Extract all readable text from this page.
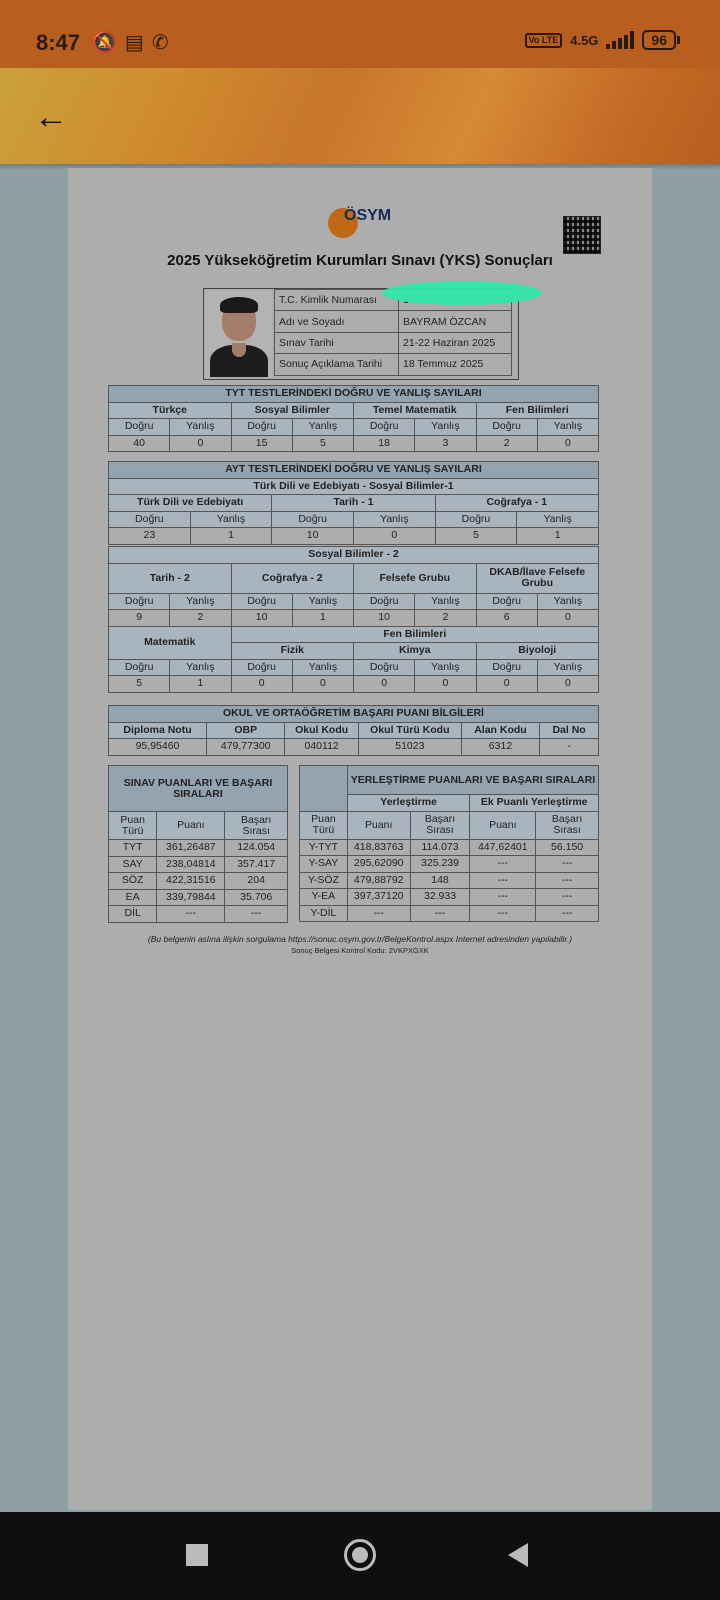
8:47 🔕 ▤ ✆	Vo LTE 4.5G	96
←
ÖSYM
2025 Yükseköğretim Kurumları Sınavı (YKS) Sonuçları
T.C. Kimlik Numarası	
Adı ve Soyadı	BAYRAM ÖZCAN
Sınav Tarihi	21-22 Haziran 2025
Sonuç Açıklama Tarihi	18 Temmuz 2025
TYT TESTLERİNDEKİ DOĞRU VE YANLIŞ SAYILARI							
Türkçe		Sosyal Bilimler		Temel Matematik		Fen Bilimleri	
Doğru	Yanlış	Doğru	Yanlış	Doğru	Yanlış	Doğru	Yanlış
40	0	15	5	18	3	2	0
AYT TESTLERİNDEKİ DOĞRU VE YANLIŞ SAYILARI					
Türk Dili ve Edebiyatı - Sosyal Bilimler-1					
Türk Dili ve Edebiyatı		Tarih - 1		Coğrafya - 1	
Doğru	Yanlış	Doğru	Yanlış	Doğru	Yanlış
23	1	10	0	5	1
Sosyal Bilimler - 2							
Tarih - 2		Coğrafya - 2		Felsefe Grubu		DKAB/İlave Felsefe Grubu	
Doğru	Yanlış	Doğru	Yanlış	Doğru	Yanlış	Doğru	Yanlış
9	2	10	1	10	2	6	0
Matematik		Fen Bilimleri					
		Fizik		Kimya		Biyoloji	
Doğru	Yanlış	Doğru	Yanlış	Doğru	Yanlış	Doğru	Yanlış
5	1	0	0	0	0	0	0
OKUL VE ORTAÖĞRETİM BAŞARI PUANI BİLGİLERİ					
Diploma Notu	OBP	Okul Kodu	Okul Türü Kodu	Alan Kodu	Dal No
95,95460	479,77300	040112	51023	6312	-
SINAV PUANLARI VE BAŞARI SIRALARI		
Puan Türü	Puanı	Başarı Sırası
TYT	361,26487	124.054
SAY	238,04814	357.417
SÖZ	422,31516	204
EA	339,79844	35.706
DİL	---	---
	YERLEŞTİRME PUANLARI VE BAŞARI SIRALARI			
	Yerleştirme		Ek Puanlı Yerleştirme	
Puan Türü	Puanı	Başarı Sırası	Puanı	Başarı Sırası
Y-TYT	418,83763	114.073	447,62401	56.150
Y-SAY	295,62090	325.239	---	---
Y-SÖZ	479,88792	148	---	---
Y-EA	397,37120	32.933	---	---
Y-DİL	---	---	---	---
(Bu belgenin aslına ilişkin sorgulama https://sonuc.osym.gov.tr/BelgeKontrol.aspx Internet adresinden yapılabilir.)
Sonuç Belgesi Kontrol Kodu: 2VKPXGXK
